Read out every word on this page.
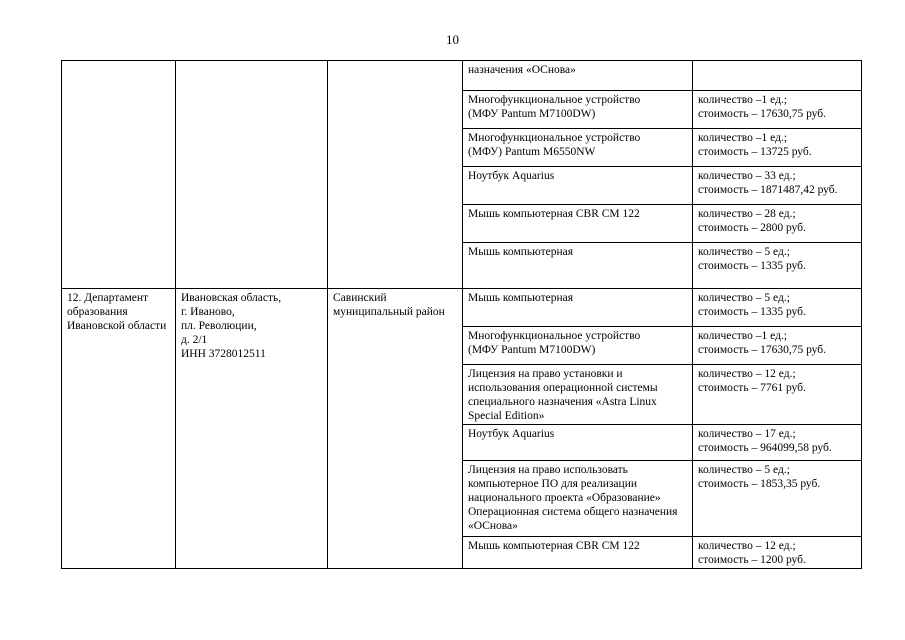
10
			назначения «ОСнова»	
			Многофункциональное устройство
(МФУ Pantum M7100DW)	количество –1 ед.;
стоимость – 17630,75 руб.
			Многофункциональное устройство
(МФУ) Pantum M6550NW	количество –1 ед.;
стоимость – 13725 руб.
			Ноутбук Aquarius	количество – 33 ед.;
стоимость – 1871487,42 руб.
			Мышь компьютерная CBR CM 122	количество – 28 ед.;
стоимость – 2800 руб.
			Мышь компьютерная	количество – 5 ед.;
стоимость – 1335 руб.
12. Департамент образования Ивановской области	Ивановская область,
г. Иваново,
пл. Революции,
д. 2/1
ИНН 3728012511	Савинский муниципальный район	Мышь компьютерная	количество – 5 ед.;
стоимость – 1335 руб.
			Многофункциональное устройство
(МФУ Pantum M7100DW)	количество –1 ед.;
стоимость – 17630,75 руб.
			Лицензия на право установки и использования операционной системы специального назначения «Astra Linux Special Edition»	количество – 12 ед.;
стоимость – 7761 руб.
			Ноутбук Aquarius	количество – 17 ед.;
стоимость – 964099,58 руб.
			Лицензия на право использовать компьютерное ПО для реализации национального проекта «Образование» Операционная система общего назначения «ОСнова»	количество – 5 ед.;
стоимость – 1853,35 руб.
			Мышь компьютерная CBR CM 122	количество – 12 ед.;
стоимость – 1200 руб.
